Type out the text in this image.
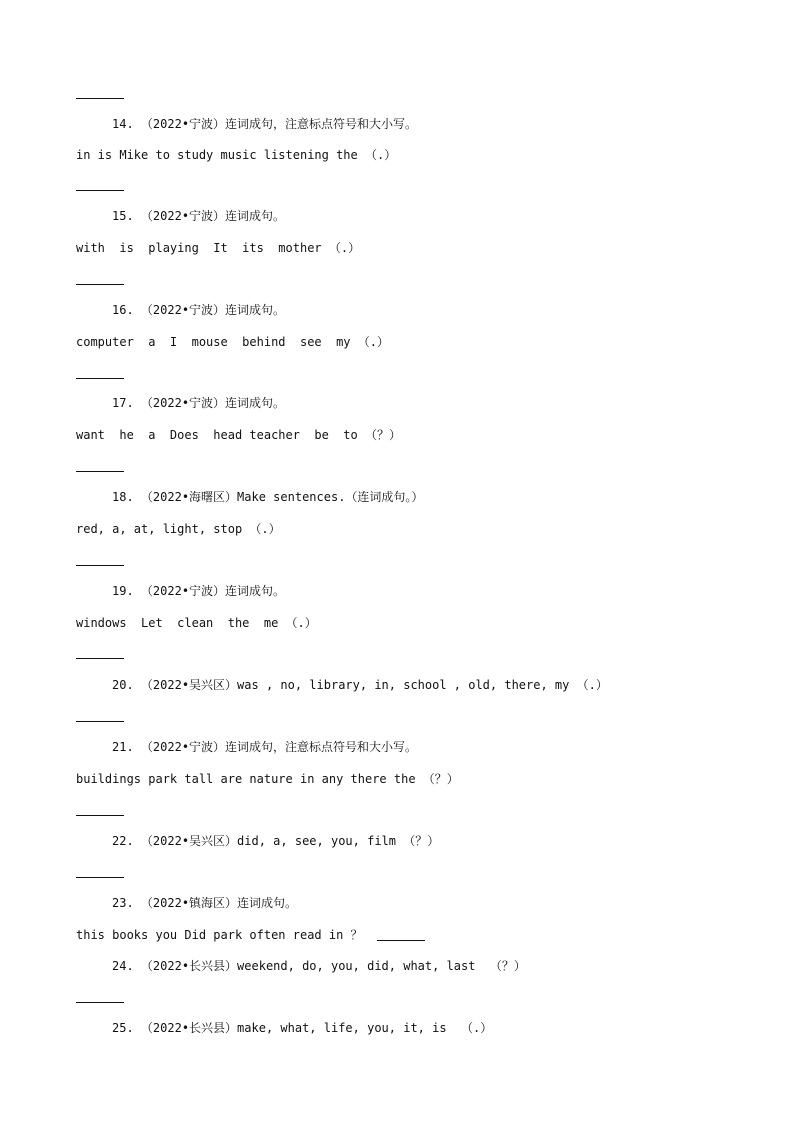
14. （2022•宁波）连词成句，注意标点符号和大小写。
in is Mike to study music listening the （.）
15. （2022•宁波）连词成句。
with  is  playing  It  its  mother （.）
16. （2022•宁波）连词成句。
computer  a  I  mouse  behind  see  my （.）
17. （2022•宁波）连词成句。
want  he  a  Does  head teacher  be  to （？）
18. （2022•海曙区）Make sentences.（连词成句。）
red, a, at, light, stop （.）
19. （2022•宁波）连词成句。
windows  Let  clean  the  me （.）
20. （2022•吴兴区）was , no, library, in, school , old, there, my （.）
21. （2022•宁波）连词成句，注意标点符号和大小写。
buildings park tall are nature in any there the （？）
22. （2022•吴兴区）did, a, see, you, film （？）
23. （2022•镇海区）连词成句。
this books you Did park often read in ？
24. （2022•长兴县）weekend, do, you, did, what, last  （？）
25. （2022•长兴县）make, what, life, you, it, is  （.）
